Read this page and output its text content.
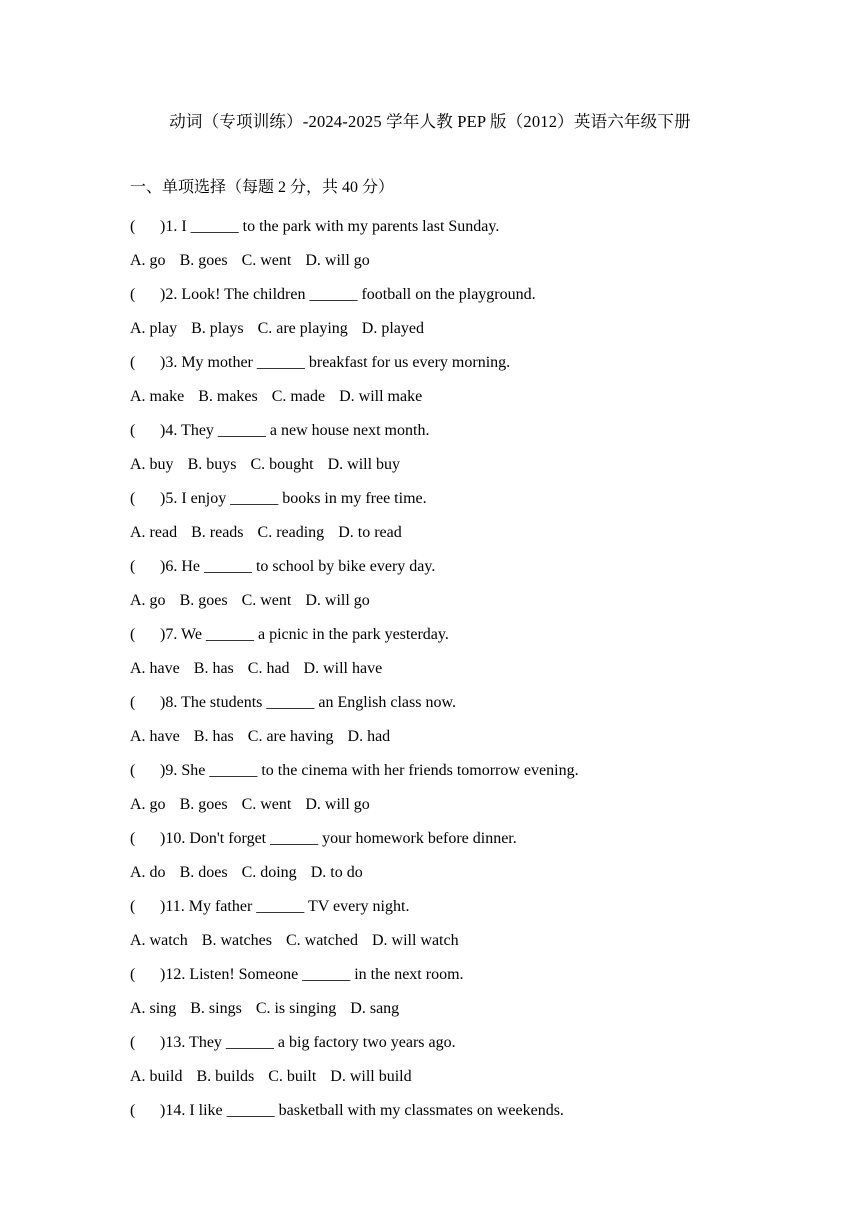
动词（专项训练）-2024-2025 学年人教 PEP 版（2012）英语六年级下册
一、单项选择（每题 2 分，共 40 分）

( )1. I ______ to the park with my parents last Sunday.

A. go B. goes C. went D. will go

( )2. Look! The children ______ football on the playground.

A. play B. plays C. are playing D. played

( )3. My mother ______ breakfast for us every morning.

A. make B. makes C. made D. will make

( )4. They ______ a new house next month.

A. buy B. buys C. bought D. will buy

( )5. I enjoy ______ books in my free time.

A. read B. reads C. reading D. to read

( )6. He ______ to school by bike every day.

A. go B. goes C. went D. will go

( )7. We ______ a picnic in the park yesterday.

A. have B. has C. had D. will have

( )8. The students ______ an English class now.

A. have B. has C. are having D. had

( )9. She ______ to the cinema with her friends tomorrow evening.

A. go B. goes C. went D. will go

( )10. Don't forget ______ your homework before dinner.

A. do B. does C. doing D. to do

( )11. My father ______ TV every night.

A. watch B. watches C. watched D. will watch

( )12. Listen! Someone ______ in the next room.

A. sing B. sings C. is singing D. sang

( )13. They ______ a big factory two years ago.

A. build B. builds C. built D. will build

( )14. I like ______ basketball with my classmates on weekends.
